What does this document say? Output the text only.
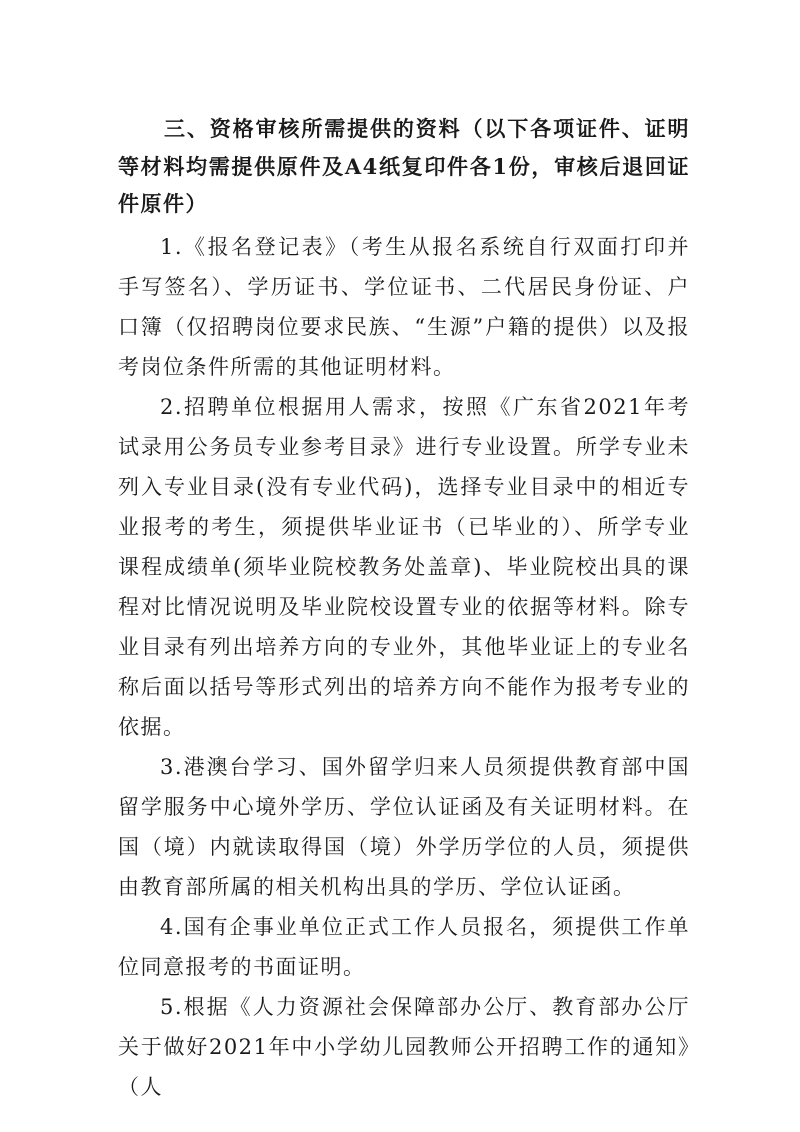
三、资格审核所需提供的资料（以下各项证件、证明等材料均需提供原件及A4纸复印件各1份，审核后退回证件原件）

1.《报名登记表》（考生从报名系统自行双面打印并手写签名）、学历证书、学位证书、二代居民身份证、户口簿（仅招聘岗位要求民族、“生源”户籍的提供）以及报考岗位条件所需的其他证明材料。

2.招聘单位根据用人需求，按照《广东省2021年考试录用公务员专业参考目录》进行专业设置。所学专业未列入专业目录(没有专业代码)，选择专业目录中的相近专业报考的考生，须提供毕业证书（已毕业的）、所学专业课程成绩单(须毕业院校教务处盖章)、毕业院校出具的课程对比情况说明及毕业院校设置专业的依据等材料。除专业目录有列出培养方向的专业外，其他毕业证上的专业名称后面以括号等形式列出的培养方向不能作为报考专业的依据。

3.港澳台学习、国外留学归来人员须提供教育部中国留学服务中心境外学历、学位认证函及有关证明材料。在国（境）内就读取得国（境）外学历学位的人员，须提供由教育部所属的相关机构出具的学历、学位认证函。

4.国有企事业单位正式工作人员报名，须提供工作单位同意报考的书面证明。

5.根据《人力资源社会保障部办公厅、教育部办公厅关于做好2021年中小学幼儿园教师公开招聘工作的通知》（人
